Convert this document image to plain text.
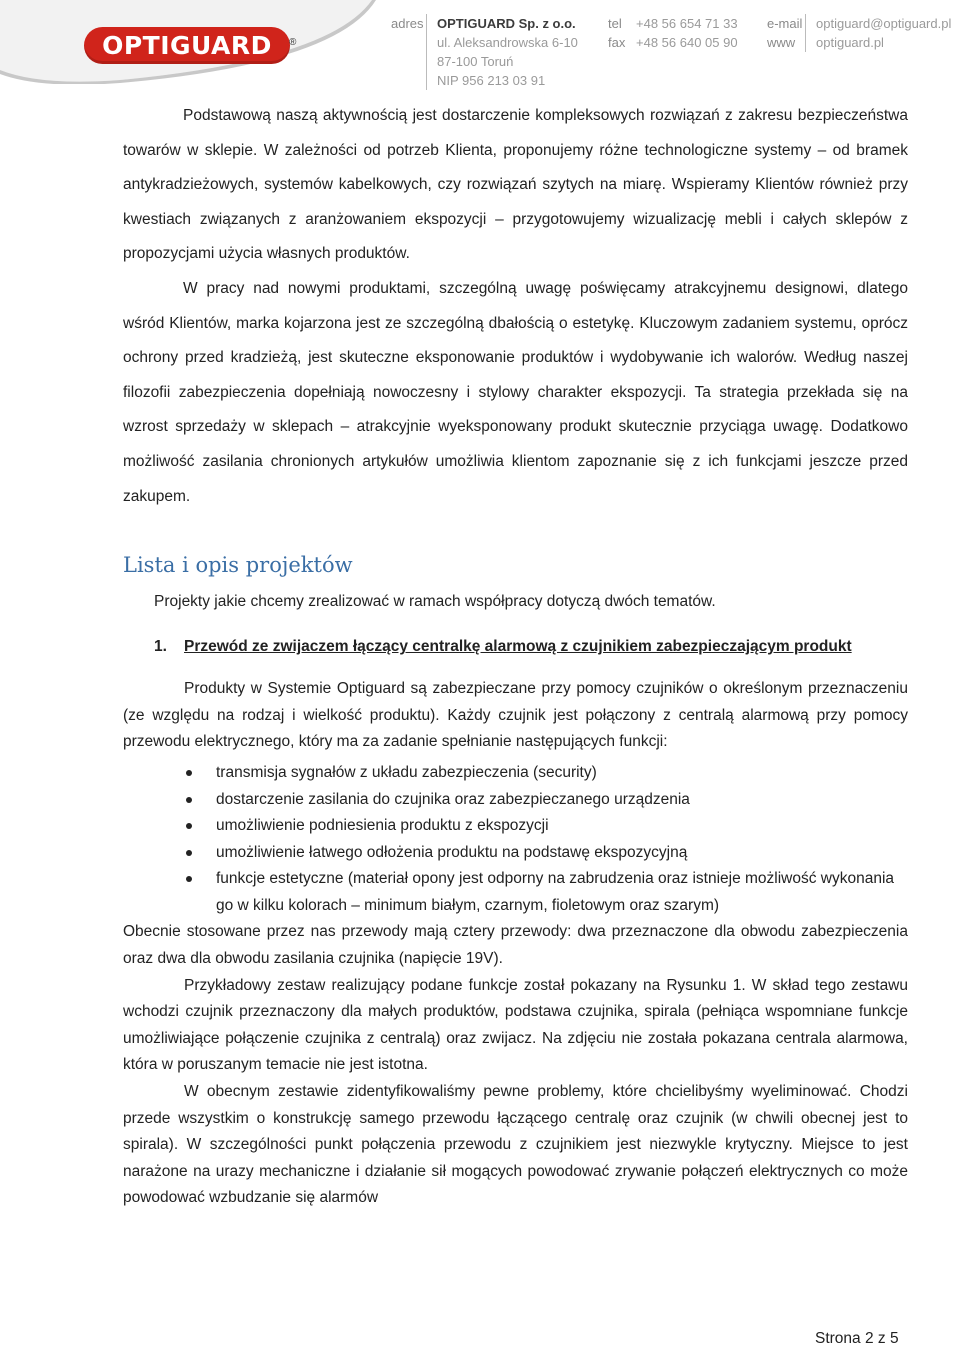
OPTIGUARD ®
adres OPTIGUARD Sp. z o.o.
ul. Aleksandrowska 6-10
87-100 Toruń
NIP 956 213 03 91
tel
fax
+48 56 654 71 33
+48 56 640 05 90
e-mail
www
optiguard@optiguard.pl
optiguard.pl

Podstawową naszą aktywnością jest dostarczenie kompleksowych rozwiązań z zakresu bezpieczeństwa towarów w sklepie. W zależności od potrzeb Klienta, proponujemy różne technologiczne systemy – od bramek antykradzieżowych, systemów kabelkowych, czy rozwiązań szytych na miarę. Wspieramy Klientów również przy kwestiach związanych z aranżowaniem ekspozycji – przygotowujemy wizualizację mebli i całych sklepów z propozycjami użycia własnych produktów.

W pracy nad nowymi produktami, szczególną uwagę poświęcamy atrakcyjnemu designowi, dlatego wśród Klientów, marka kojarzona jest ze szczególną dbałością o estetykę. Kluczowym zadaniem systemu, oprócz ochrony przed kradzieżą, jest skuteczne eksponowanie produktów i wydobywanie ich walorów. Według naszej filozofii zabezpieczenia dopełniają nowoczesny i stylowy charakter ekspozycji. Ta strategia przekłada się na wzrost sprzedaży w sklepach – atrakcyjnie wyeksponowany produkt skutecznie przyciąga uwagę. Dodatkowo możliwość zasilania chronionych artykułów umożliwia klientom zapoznanie się z ich funkcjami jeszcze przed zakupem.

Lista i opis projektów

Projekty jakie chcemy zrealizować w ramach współpracy dotyczą dwóch tematów.

1.	Przewód ze zwijaczem łączący centralkę alarmową z czujnikiem zabezpieczającym produkt

Produkty w Systemie Optiguard są zabezpieczane przy pomocy czujników o określonym przeznaczeniu (ze względu na rodzaj i wielkość produktu). Każdy czujnik jest połączony z centralą alarmową przy pomocy przewodu elektrycznego, który ma za zadanie spełnianie następujących funkcji:

transmisja sygnałów z układu zabezpieczenia (security)
dostarczenie zasilania do czujnika oraz zabezpieczanego urządzenia
umożliwienie podniesienia produktu z ekspozycji
umożliwienie łatwego odłożenia produktu na podstawę ekspozycyjną
funkcje estetyczne (materiał opony jest odporny na zabrudzenia oraz istnieje możliwość wykonania go w kilku kolorach – minimum białym, czarnym, fioletowym oraz szarym)

Obecnie stosowane przez nas przewody mają cztery przewody: dwa przeznaczone dla obwodu zabezpieczenia oraz dwa dla obwodu zasilania czujnika (napięcie 19V).

Przykładowy zestaw realizujący podane funkcje został pokazany na Rysunku 1. W skład tego zestawu wchodzi czujnik przeznaczony dla małych produktów, podstawa czujnika, spirala (pełniąca wspomniane funkcje umożliwiające połączenie czujnika z centralą) oraz zwijacz. Na zdjęciu nie została pokazana centrala alarmowa, która w poruszanym temacie nie jest istotna.

W obecnym zestawie zidentyfikowaliśmy pewne problemy, które chcielibyśmy wyeliminować. Chodzi przede wszystkim o konstrukcję samego przewodu łączącego centralę oraz czujnik (w chwili obecnej jest to spirala). W szczególności punkt połączenia przewodu z czujnikiem jest niezwykle krytyczny. Miejsce to jest narażone na urazy mechaniczne i działanie sił mogących powodować zrywanie połączeń elektrycznych co może powodować wzbudzanie się alarmów

Strona 2 z 5
